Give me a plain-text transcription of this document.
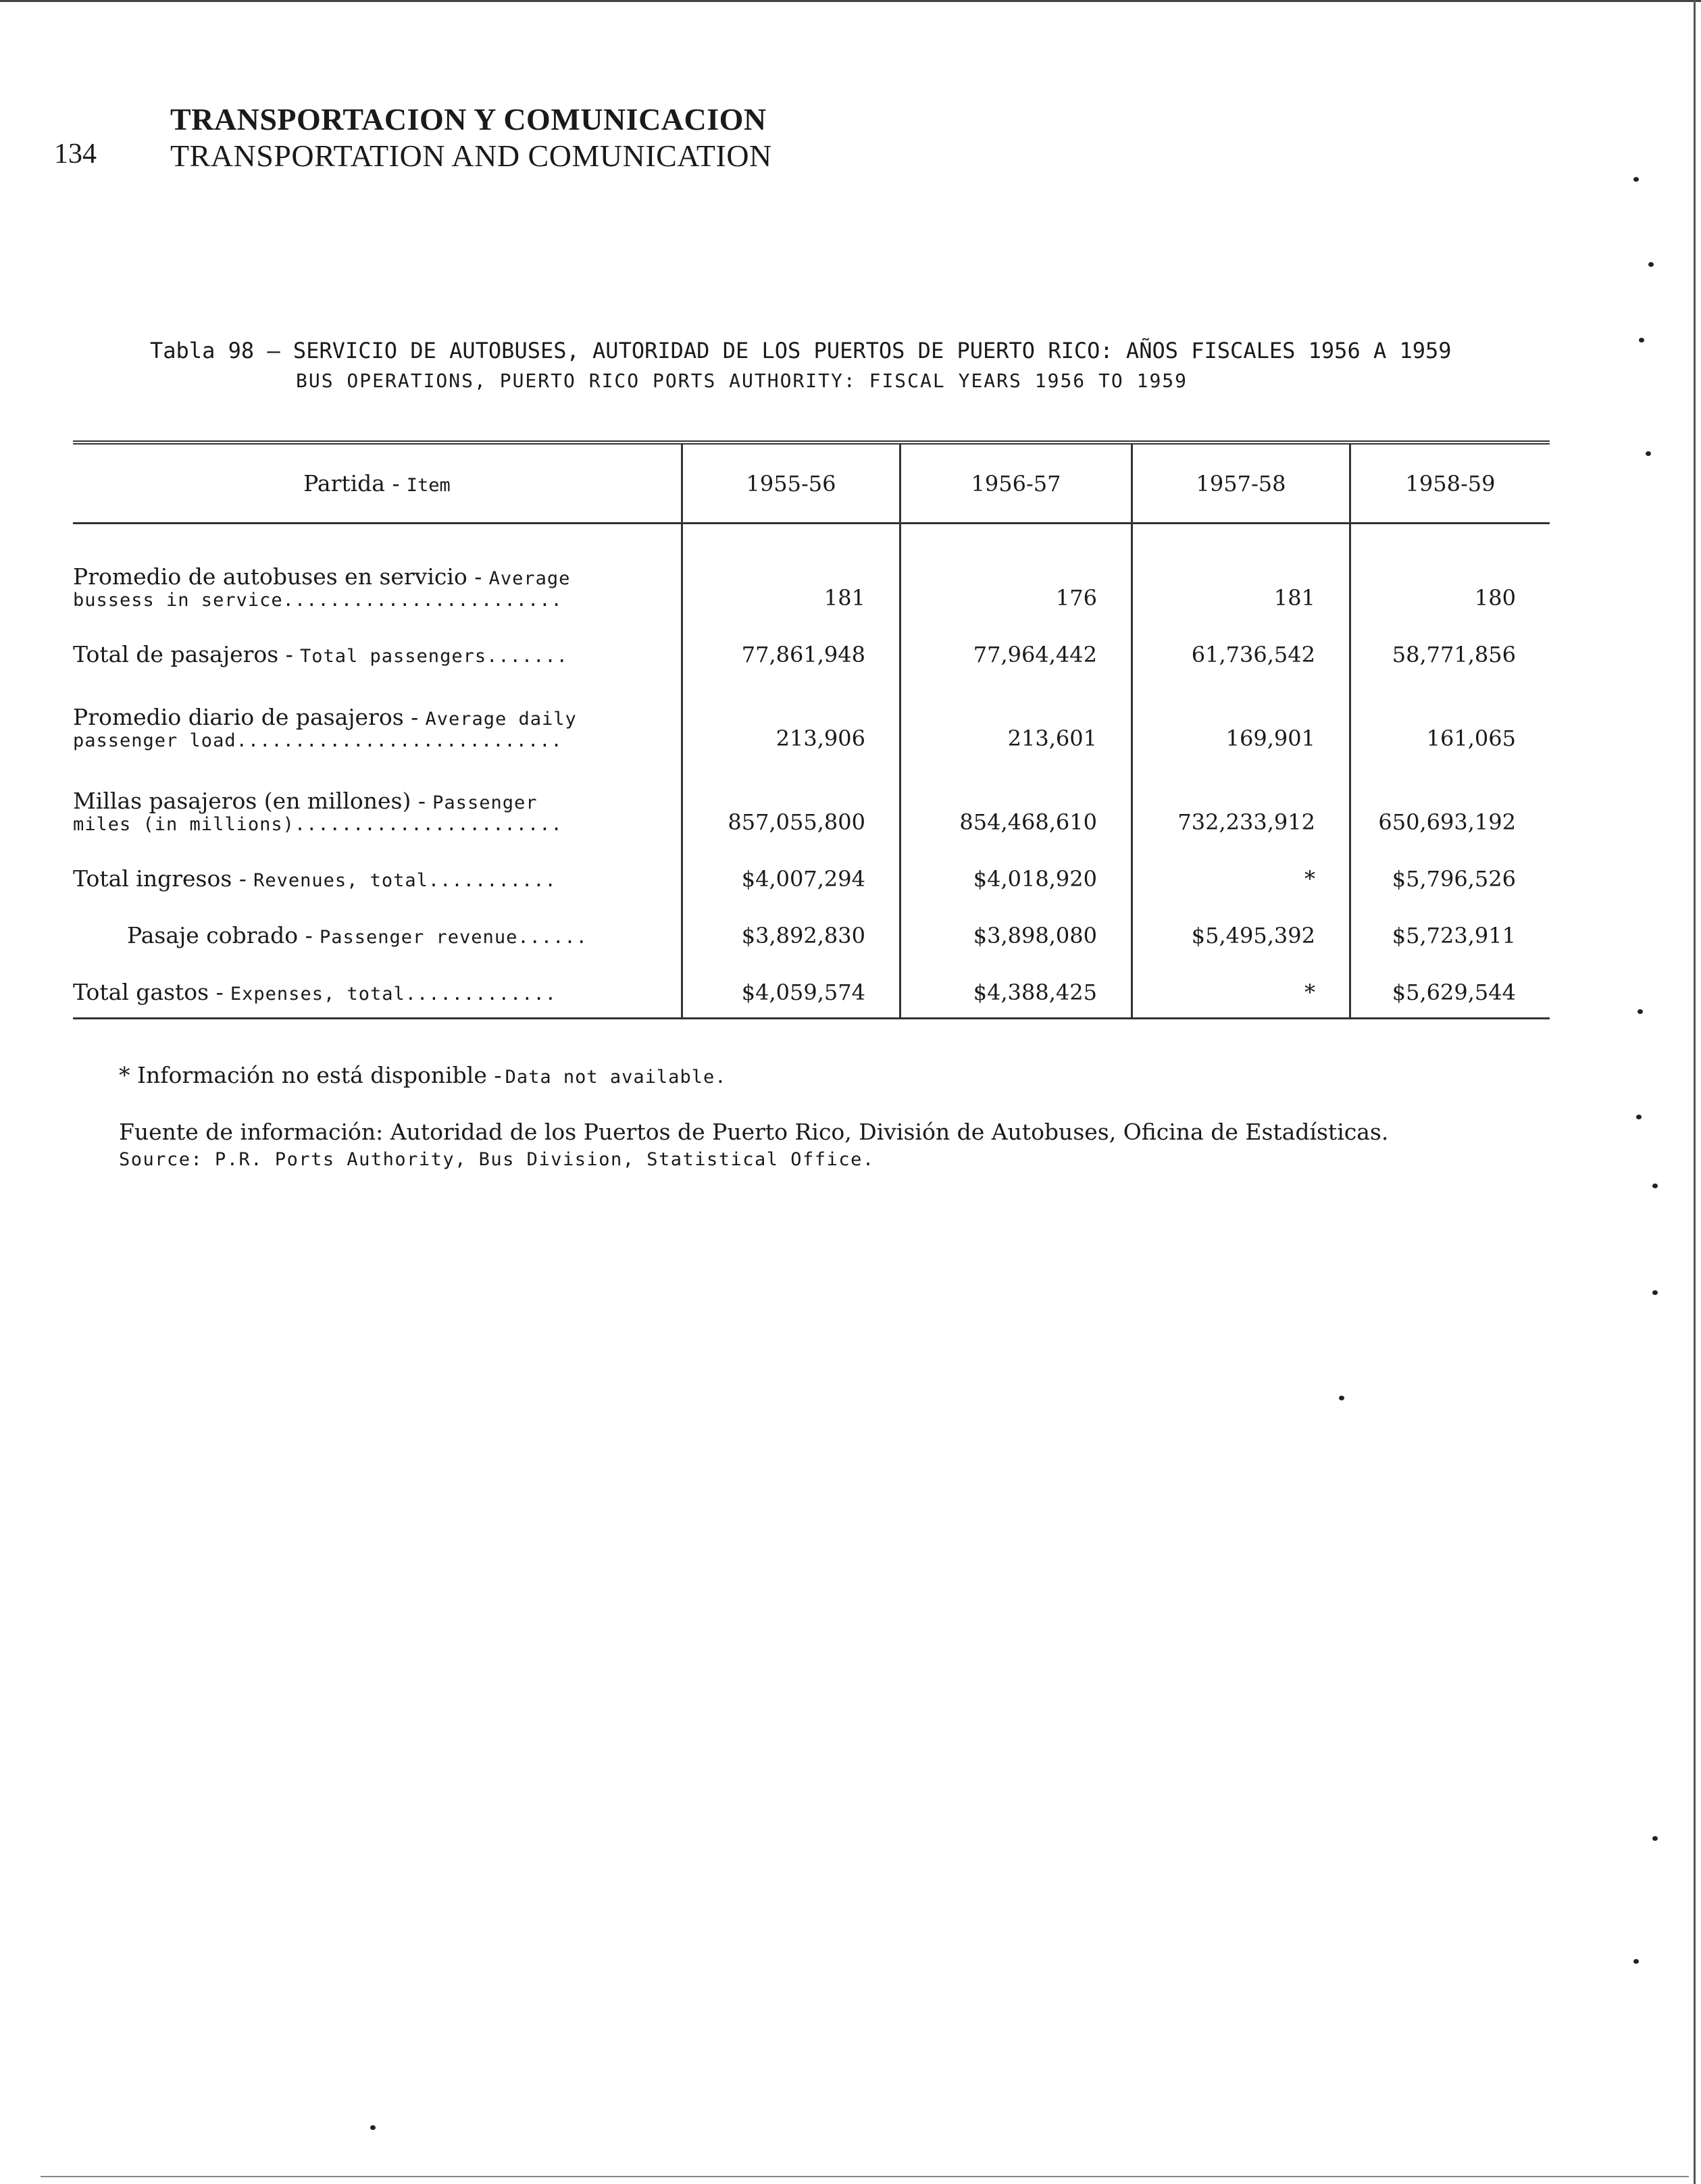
134
TRANSPORTACION Y COMUNICACION
TRANSPORTATION AND COMUNICATION
Tabla 98 – SERVICIO DE AUTOBUSES, AUTORIDAD DE LOS PUERTOS DE PUERTO RICO: AÑOS FISCALES 1956 A 1959
BUS OPERATIONS, PUERTO RICO PORTS AUTHORITY: FISCAL YEARS 1956 TO 1959
Partida - Item	1955-56	1956-57	1957-58	1958-59
Promedio de autobuses en servicio - Average
bussess in service........................	181	176	181	180
Total de pasajeros - Total passengers.......	77,861,948	77,964,442	61,736,542	58,771,856
Promedio diario de pasajeros - Average daily
passenger load............................	213,906	213,601	169,901	161,065
Millas pasajeros (en millones) - Passenger
miles (in millions).......................	857,055,800	854,468,610	732,233,912	650,693,192
Total ingresos - Revenues, total...........	$4,007,294	$4,018,920	*	$5,796,526
Pasaje cobrado - Passenger revenue......	$3,892,830	$3,898,080	$5,495,392	$5,723,911
Total gastos - Expenses, total.............	$4,059,574	$4,388,425	*	$5,629,544
* Información no está disponible - Data not available.
Fuente de información: Autoridad de los Puertos de Puerto Rico, División de Autobuses, Oficina de Estadísticas.
Source: P.R. Ports Authority, Bus Division, Statistical Office.
